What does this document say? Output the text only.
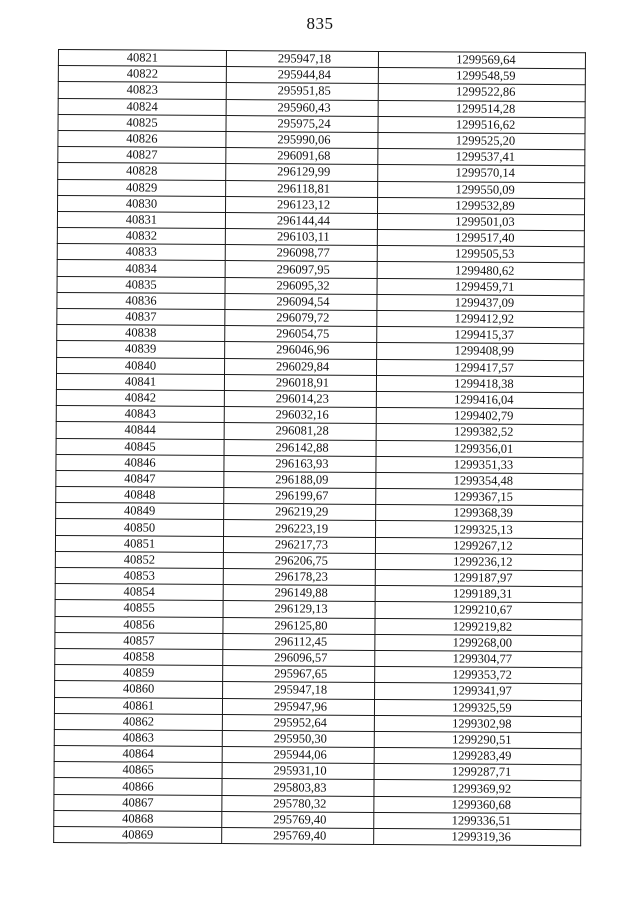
835
40821	295947,18	1299569,64
40822	295944,84	1299548,59
40823	295951,85	1299522,86
40824	295960,43	1299514,28
40825	295975,24	1299516,62
40826	295990,06	1299525,20
40827	296091,68	1299537,41
40828	296129,99	1299570,14
40829	296118,81	1299550,09
40830	296123,12	1299532,89
40831	296144,44	1299501,03
40832	296103,11	1299517,40
40833	296098,77	1299505,53
40834	296097,95	1299480,62
40835	296095,32	1299459,71
40836	296094,54	1299437,09
40837	296079,72	1299412,92
40838	296054,75	1299415,37
40839	296046,96	1299408,99
40840	296029,84	1299417,57
40841	296018,91	1299418,38
40842	296014,23	1299416,04
40843	296032,16	1299402,79
40844	296081,28	1299382,52
40845	296142,88	1299356,01
40846	296163,93	1299351,33
40847	296188,09	1299354,48
40848	296199,67	1299367,15
40849	296219,29	1299368,39
40850	296223,19	1299325,13
40851	296217,73	1299267,12
40852	296206,75	1299236,12
40853	296178,23	1299187,97
40854	296149,88	1299189,31
40855	296129,13	1299210,67
40856	296125,80	1299219,82
40857	296112,45	1299268,00
40858	296096,57	1299304,77
40859	295967,65	1299353,72
40860	295947,18	1299341,97
40861	295947,96	1299325,59
40862	295952,64	1299302,98
40863	295950,30	1299290,51
40864	295944,06	1299283,49
40865	295931,10	1299287,71
40866	295803,83	1299369,92
40867	295780,32	1299360,68
40868	295769,40	1299336,51
40869	295769,40	1299319,36
